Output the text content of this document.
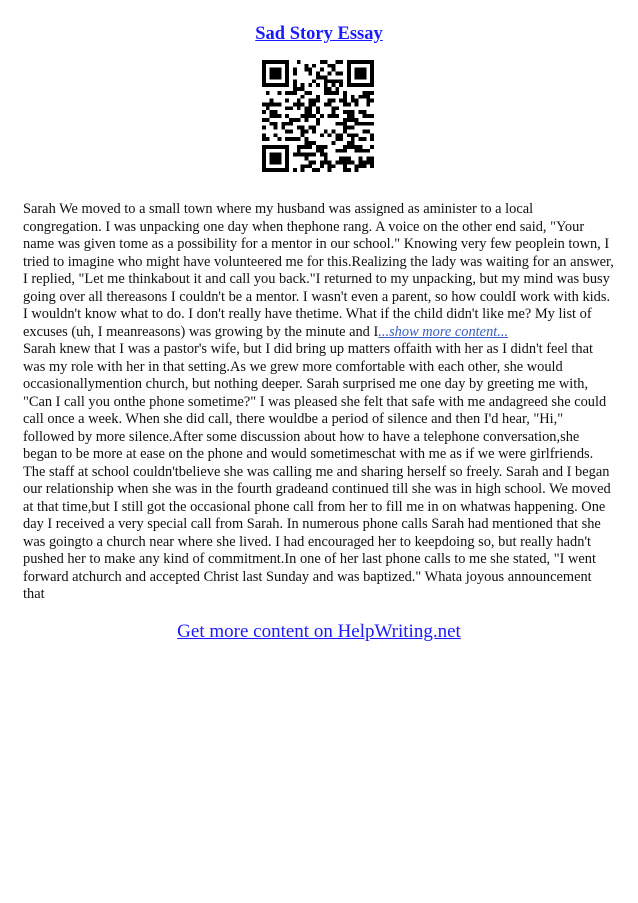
Sad Story Essay

Sarah We moved to a small town where my husband was assigned as aminister to a local congregation. I was unpacking one day when thephone rang. A voice on the other end said, "Your name was given tome as a possibility for a mentor in our school." Knowing very few peoplein town, I tried to imagine who might have volunteered me for this.Realizing the lady was waiting for an answer, I replied, "Let me thinkabout it and call you back."I returned to my unpacking, but my mind was busy going over all thereasons I couldn't be a mentor. I wasn't even a parent, so how couldI work with kids. I wouldn't know what to do. I don't really have thetime. What if the child didn't like me? My list of excuses (uh, I meanreasons) was growing by the minute and I...show more content...

Sarah knew that I was a pastor's wife, but I did bring up matters offaith with her as I didn't feel that was my role with her in that setting.As we grew more comfortable with each other, she would occasionallymention church, but nothing deeper. Sarah surprised me one day by greeting me with, "Can I call you onthe phone sometime?" I was pleased she felt that safe with me andagreed she could call once a week. When she did call, there wouldbe a period of silence and then I'd hear, "Hi," followed by more silence.After some discussion about how to have a telephone conversation,she began to be more at ease on the phone and would sometimeschat with me as if we were girlfriends. The staff at school couldn'tbelieve she was calling me and sharing herself so freely. Sarah and I began our relationship when she was in the fourth gradeand continued till she was in high school. We moved at that time,but I still got the occasional phone call from her to fill me in on whatwas happening. One day I received a very special call from Sarah. In numerous phone calls Sarah had mentioned that she was goingto a church near where she lived. I had encouraged her to keepdoing so, but really hadn't pushed her to make any kind of commitment.In one of her last phone calls to me she stated, "I went forward atchurch and accepted Christ last Sunday and was baptized." Whata joyous announcement that

Get more content on HelpWriting.net
